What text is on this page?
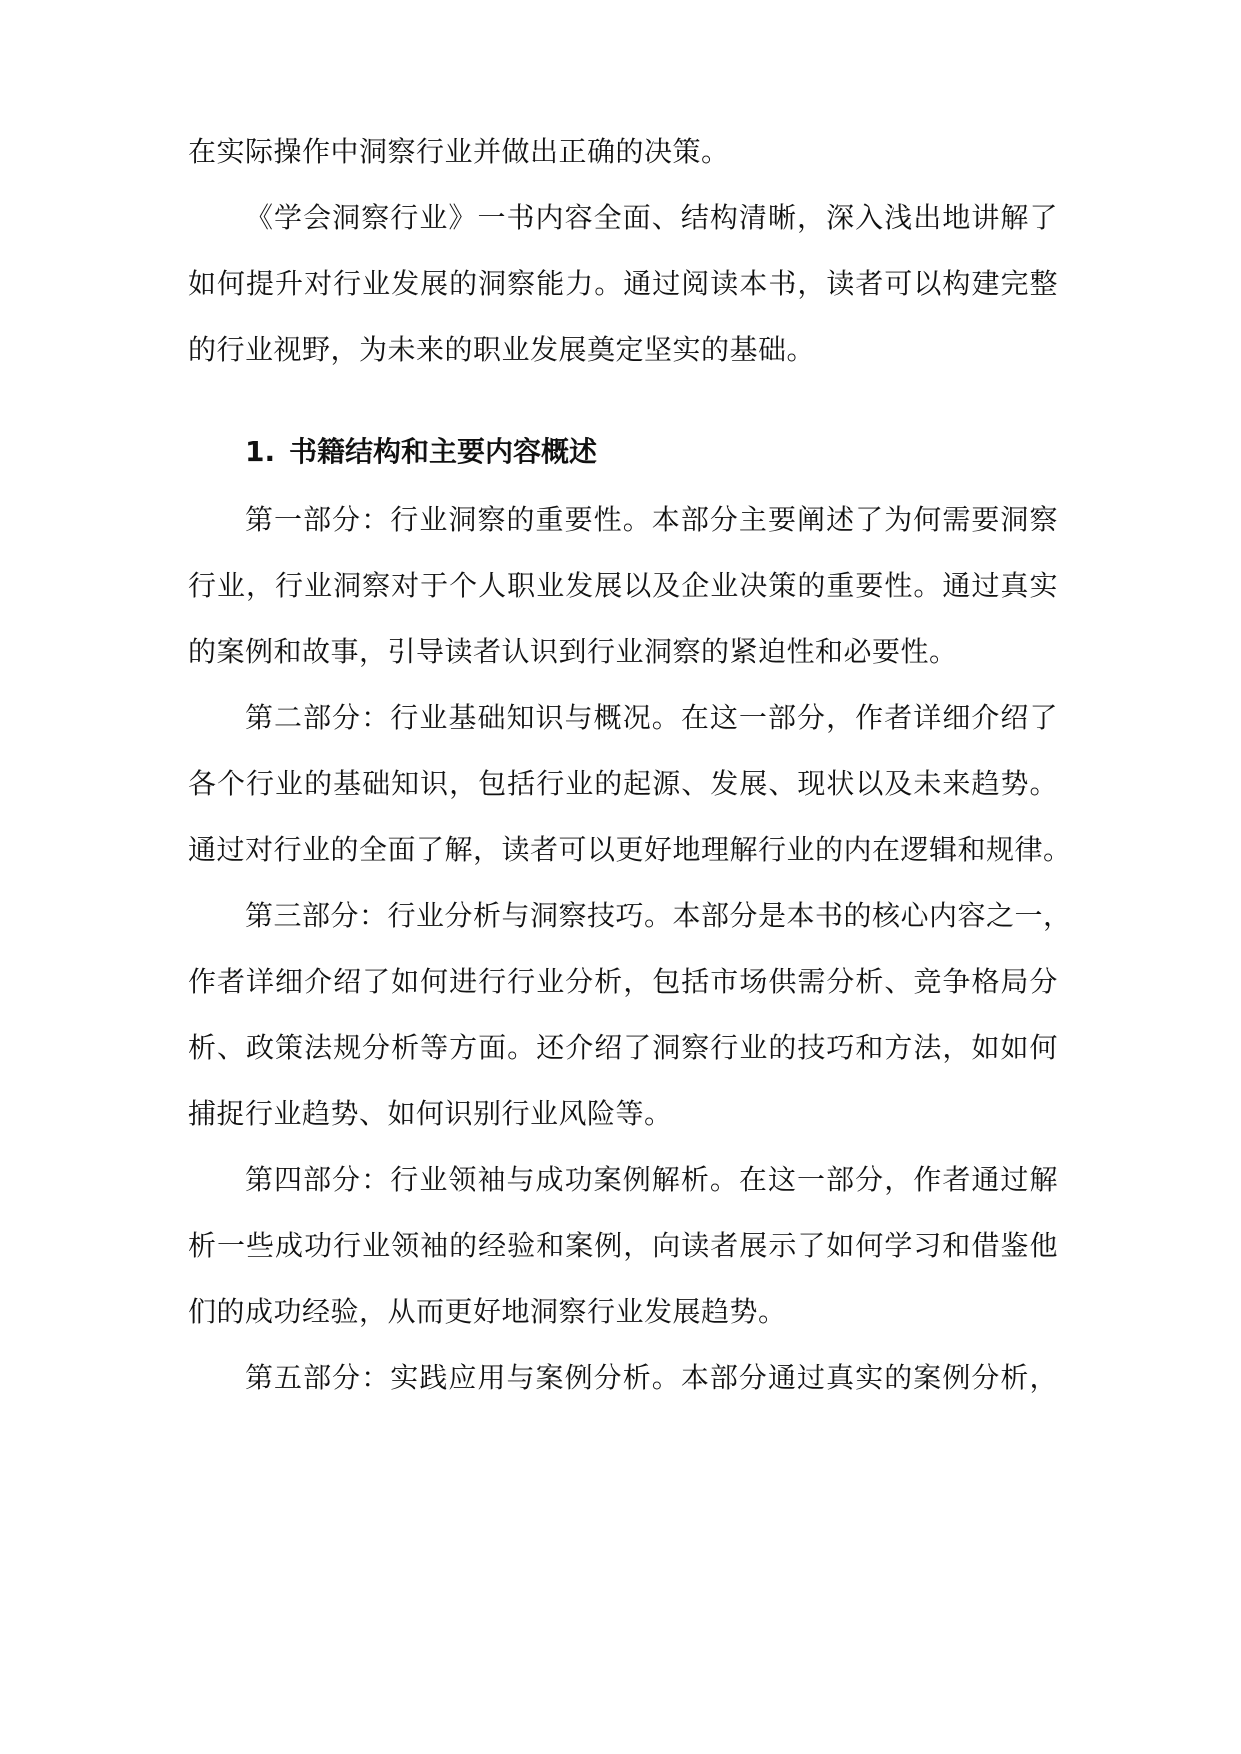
在实际操作中洞察行业并做出正确的决策。
《学会洞察行业》一书内容全面、结构清晰，深入浅出地讲解了
如何提升对行业发展的洞察能力。通过阅读本书，读者可以构建完整
的行业视野，为未来的职业发展奠定坚实的基础。
1. 书籍结构和主要内容概述
第一部分：行业洞察的重要性。本部分主要阐述了为何需要洞察
行业，行业洞察对于个人职业发展以及企业决策的重要性。通过真实
的案例和故事，引导读者认识到行业洞察的紧迫性和必要性。
第二部分：行业基础知识与概况。在这一部分，作者详细介绍了
各个行业的基础知识，包括行业的起源、发展、现状以及未来趋势。
通过对行业的全面了解，读者可以更好地理解行业的内在逻辑和规律。
第三部分：行业分析与洞察技巧。本部分是本书的核心内容之一，
作者详细介绍了如何进行行业分析，包括市场供需分析、竞争格局分
析、政策法规分析等方面。还介绍了洞察行业的技巧和方法，如如何
捕捉行业趋势、如何识别行业风险等。
第四部分：行业领袖与成功案例解析。在这一部分，作者通过解
析一些成功行业领袖的经验和案例，向读者展示了如何学习和借鉴他
们的成功经验，从而更好地洞察行业发展趋势。
第五部分：实践应用与案例分析。本部分通过真实的案例分析，
